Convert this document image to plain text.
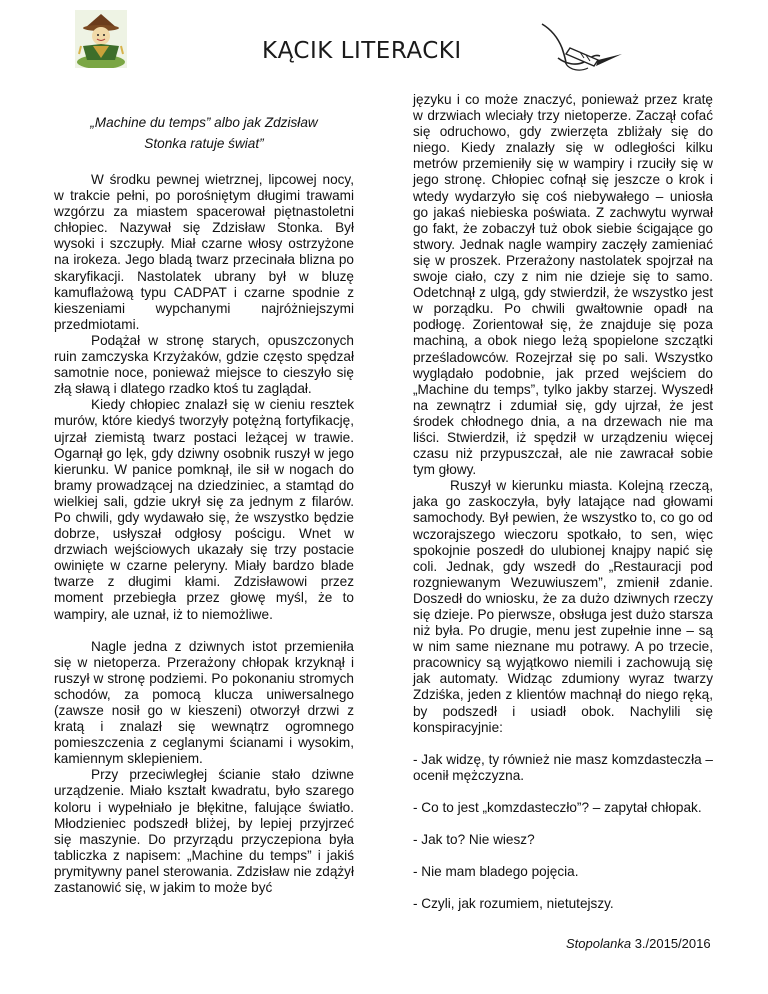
KĄCIK LITERACKI
„Machine du temps” albo jak Zdzisław
Stonka ratuje świat”

W środku pewnej wietrznej, lipcowej nocy, w trakcie pełni, po porośniętym długimi trawami wzgórzu za miastem spacerował piętnastoletni chłopiec. Nazywał się Zdzisław Stonka. Był wysoki i szczupły. Miał czarne włosy ostrzyżone na irokeza. Jego bladą twarz przecinała blizna po skaryfikacji. Nastolatek ubrany był w bluzę kamuflażową typu CADPAT i czarne spodnie z kieszeniami wypchanymi najróżniejszymi przedmiotami.

Podążał w stronę starych, opuszczonych ruin zamczyska Krzyżaków, gdzie często spędzał samotnie noce, ponieważ miejsce to cieszyło się złą sławą i dlatego rzadko ktoś tu zaglądał.

Kiedy chłopiec znalazł się w cieniu resztek murów, które kiedyś tworzyły potężną fortyfikację, ujrzał ziemistą twarz postaci leżącej w trawie. Ogarnął go lęk, gdy dziwny osobnik ruszył w jego kierunku. W panice pomknął, ile sił w nogach do bramy prowadzącej na dziedziniec, a stamtąd do wielkiej sali, gdzie ukrył się za jednym z filarów. Po chwili, gdy wydawało się, że wszystko będzie dobrze, usłyszał odgłosy pościgu. Wnet w drzwiach wejściowych ukazały się trzy postacie owinięte w czarne peleryny. Miały bardzo blade twarze z długimi kłami. Zdzisławowi przez moment przebiegła przez głowę myśl, że to wampiry, ale uznał, iż to niemożliwe.

Nagle jedna z dziwnych istot przemieniła się w nietoperza. Przerażony chłopak krzyknął i ruszył w stronę podziemi. Po pokonaniu stromych schodów, za pomocą klucza uniwersalnego (zawsze nosił go w kieszeni) otworzył drzwi z kratą i znalazł się wewnątrz ogromnego pomieszczenia z ceglanymi ścianami i wysokim, kamiennym sklepieniem.

Przy przeciwległej ścianie stało dziwne urządzenie. Miało kształt kwadratu, było szarego koloru i wypełniało je błękitne, falujące światło. Młodzieniec podszedł bliżej, by lepiej przyjrzeć się maszynie. Do przyrządu przyczepiona była tabliczka z napisem: „Machine du temps” i jakiś prymitywny panel sterowania. Zdzisław nie zdążył zastanowić się, w jakim to może być

języku i co może znaczyć, ponieważ przez kratę w drzwiach wleciały trzy nietoperze. Zaczął cofać się odruchowo, gdy zwierzęta zbliżały się do niego. Kiedy znalazły się w odległości kilku metrów przemieniły się w wampiry i rzuciły się w jego stronę. Chłopiec cofnął się jeszcze o krok i wtedy wydarzyło się coś niebywałego – uniosła go jakaś niebieska poświata. Z zachwytu wyrwał go fakt, że zobaczył tuż obok siebie ścigające go stwory. Jednak nagle wampiry zaczęły zamieniać się w proszek. Przerażony nastolatek spojrzał na swoje ciało, czy z nim nie dzieje się to samo. Odetchnął z ulgą, gdy stwierdził, że wszystko jest w porządku. Po chwili gwałtownie opadł na podłogę. Zorientował się, że znajduje się poza machiną, a obok niego leżą spopielone szczątki prześladowców. Rozejrzał się po sali. Wszystko wyglądało podobnie, jak przed wejściem do „Machine du temps”, tylko jakby starzej. Wyszedł na zewnątrz i zdumiał się, gdy ujrzał, że jest środek chłodnego dnia, a na drzewach nie ma liści. Stwierdził, iż spędził w urządzeniu więcej czasu niż przypuszczał, ale nie zawracał sobie tym głowy.

Ruszył w kierunku miasta. Kolejną rzeczą, jaka go zaskoczyła, były latające nad głowami samochody. Był pewien, że wszystko to, co go od wczorajszego wieczoru spotkało, to sen, więc spokojnie poszedł do ulubionej knajpy napić się coli. Jednak, gdy wszedł do „Restauracji pod rozgniewanym Wezuwiuszem”, zmienił zdanie. Doszedł do wniosku, że za dużo dziwnych rzeczy się dzieje. Po pierwsze, obsługa jest dużo starsza niż była. Po drugie, menu jest zupełnie inne – są w nim same nieznane mu potrawy. A po trzecie, pracownicy są wyjątkowo niemili i zachowują się jak automaty. Widząc zdumiony wyraz twarzy Zdziśka, jeden z klientów machnął do niego ręką, by podszedł i usiadł obok. Nachylili się konspiracyjnie:

- Jak widzę, ty również nie masz komzdasteczła – ocenił mężczyzna.

- Co to jest „komzdasteczło”? – zapytał chłopak.

- Jak to? Nie wiesz?

- Nie mam bladego pojęcia.

- Czyli, jak rozumiem, nietutejszy.

Stopolanka 3./2015/2016
